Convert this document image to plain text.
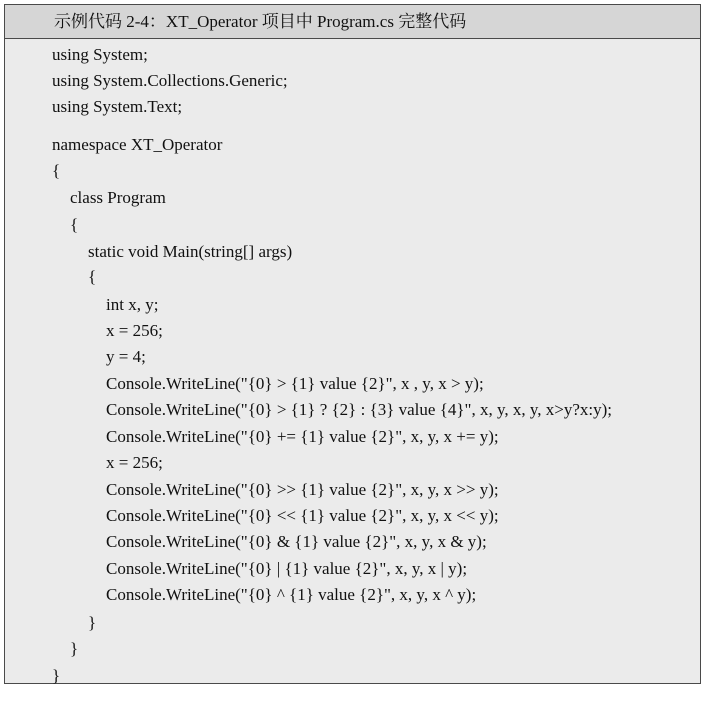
示例代码 2-4：XT_Operator 项目中 Program.cs 完整代码
using System;
using System.Collections.Generic;
using System.Text;
namespace XT_Operator
{
class Program
{
static void Main(string[] args)
{
int x, y;
x = 256;
y = 4;
Console.WriteLine("{0} > {1} value {2}", x , y, x > y);
Console.WriteLine("{0} > {1} ? {2} : {3} value {4}", x, y, x, y, x>y?x:y);
Console.WriteLine("{0} += {1} value {2}", x, y, x += y);
x = 256;
Console.WriteLine("{0} >> {1} value {2}", x, y, x >> y);
Console.WriteLine("{0} << {1} value {2}", x, y, x << y);
Console.WriteLine("{0} & {1} value {2}", x, y, x & y);
Console.WriteLine("{0} | {1} value {2}", x, y, x | y);
Console.WriteLine("{0} ^ {1} value {2}", x, y, x ^ y);
}
}
}
